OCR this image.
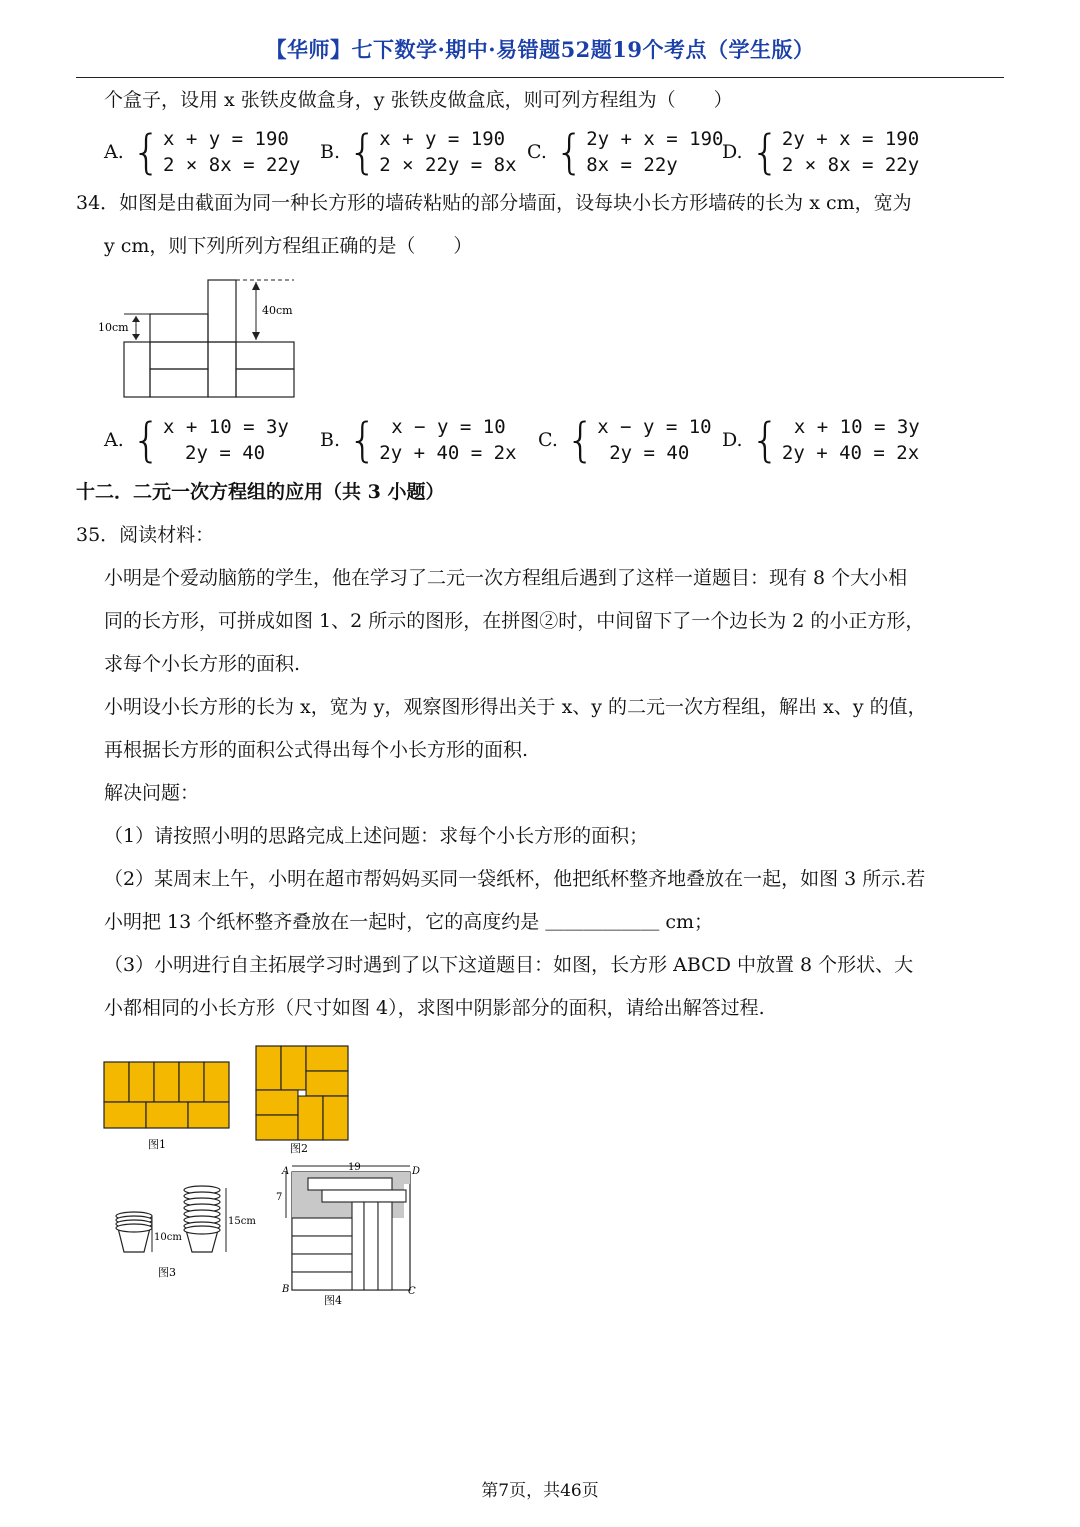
【华师】七下数学·期中·易错题52题19个考点（学生版）
个盒子，设用 x 张铁皮做盒身，y 张铁皮做盒底，则可列方程组为（　　）
A. { x + y = 190
2 × 8x = 22y
B. { x + y = 190
2 × 22y = 8x
C. { 2y + x = 190
8x = 22y
D. { 2y + x = 190
2 × 8x = 22y
34．如图是由截面为同一种长方形的墙砖粘贴的部分墙面，设每块小长方形墙砖的长为 x cm，宽为
y cm，则下列所列方程组正确的是（　　）
10cm
40cm
A. { x + 10 = 3y
2y = 40
B. { x − y = 10
2y + 40 = 2x
C. { x − y = 10
2y = 40
D. { x + 10 = 3y
2y + 40 = 2x
十二．二元一次方程组的应用（共 3 小题）
35．阅读材料：
小明是个爱动脑筋的学生，他在学习了二元一次方程组后遇到了这样一道题目：现有 8 个大小相
同的长方形，可拼成如图 1、2 所示的图形，在拼图②时，中间留下了一个边长为 2 的小正方形，
求每个小长方形的面积.
小明设小长方形的长为 x，宽为 y，观察图形得出关于 x、y 的二元一次方程组，解出 x、y 的值，
再根据长方形的面积公式得出每个小长方形的面积.
解决问题：
（1）请按照小明的思路完成上述问题：求每个小长方形的面积；
（2）某周末上午，小明在超市帮妈妈买同一袋纸杯，他把纸杯整齐地叠放在一起，如图 3 所示.若
小明把 13 个纸杯整齐叠放在一起时，它的高度约是 ＿＿＿＿＿＿ cm；
（3）小明进行自主拓展学习时遇到了以下这道题目：如图，长方形 ABCD 中放置 8 个形状、大
小都相同的小长方形（尺寸如图 4），求图中阴影部分的面积，请给出解答过程.
图1	图2
10cm
15cm
图3
19
7
A	D
B	C
图4
第7页，共46页
